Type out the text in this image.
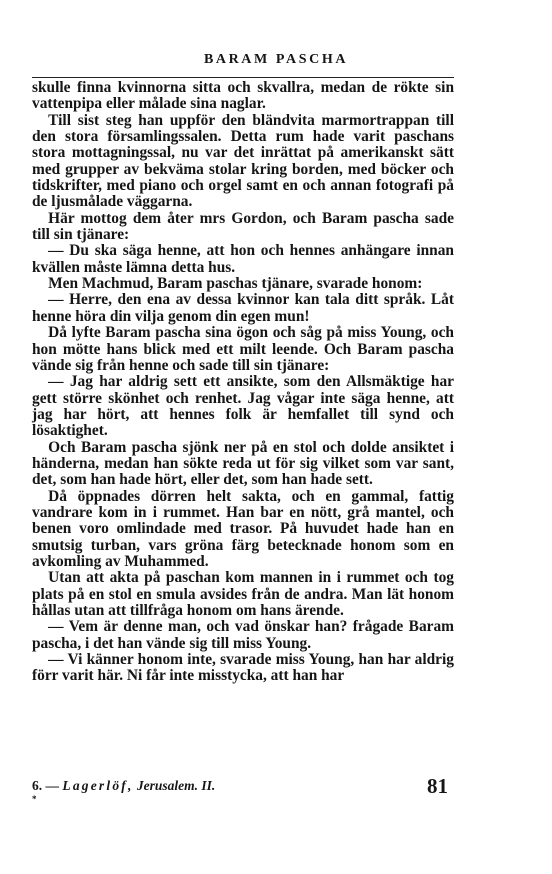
BARAM PASCHA

skulle finna kvinnorna sitta och skvallra, medan de rökte sin vattenpipa eller målade sina naglar.

Till sist steg han uppför den bländvita marmortrappan till den stora församlingssalen. Detta rum hade varit paschans stora mottagningssal, nu var det inrättat på amerikanskt sätt med grupper av bekväma stolar kring borden, med böcker och tidskrifter, med piano och orgel samt en och annan fotografi på de ljusmålade väggarna.

Här mottog dem åter mrs Gordon, och Baram pascha sade till sin tjänare:

— Du ska säga henne, att hon och hennes anhängare innan kvällen måste lämna detta hus.

Men Machmud, Baram paschas tjänare, svarade honom:

— Herre, den ena av dessa kvinnor kan tala ditt språk. Låt henne höra din vilja genom din egen mun!

Då lyfte Baram pascha sina ögon och såg på miss Young, och hon mötte hans blick med ett milt leende. Och Baram pascha vände sig från henne och sade till sin tjänare:

— Jag har aldrig sett ett ansikte, som den Allsmäktige har gett större skönhet och renhet. Jag vågar inte säga henne, att jag har hört, att hennes folk är hemfallet till synd och lösaktighet.

Och Baram pascha sjönk ner på en stol och dolde ansiktet i händerna, medan han sökte reda ut för sig vilket som var sant, det, som han hade hört, eller det, som han hade sett.

Då öppnades dörren helt sakta, och en gammal, fattig vandrare kom in i rummet. Han bar en nött, grå mantel, och benen voro omlindade med trasor. På huvudet hade han en smutsig turban, vars gröna färg betecknade honom som en avkomling av Muhammed.

Utan att akta på paschan kom mannen in i rummet och tog plats på en stol en smula avsides från de andra. Man lät honom hållas utan att tillfråga honom om hans ärende.

— Vem är denne man, och vad önskar han? frågade Baram pascha, i det han vände sig till miss Young.

— Vi känner honom inte, svarade miss Young, han har aldrig förr varit här. Ni får inte misstycka, att han har

6. — Lagerlöf, Jerusalem. II.	81
*
